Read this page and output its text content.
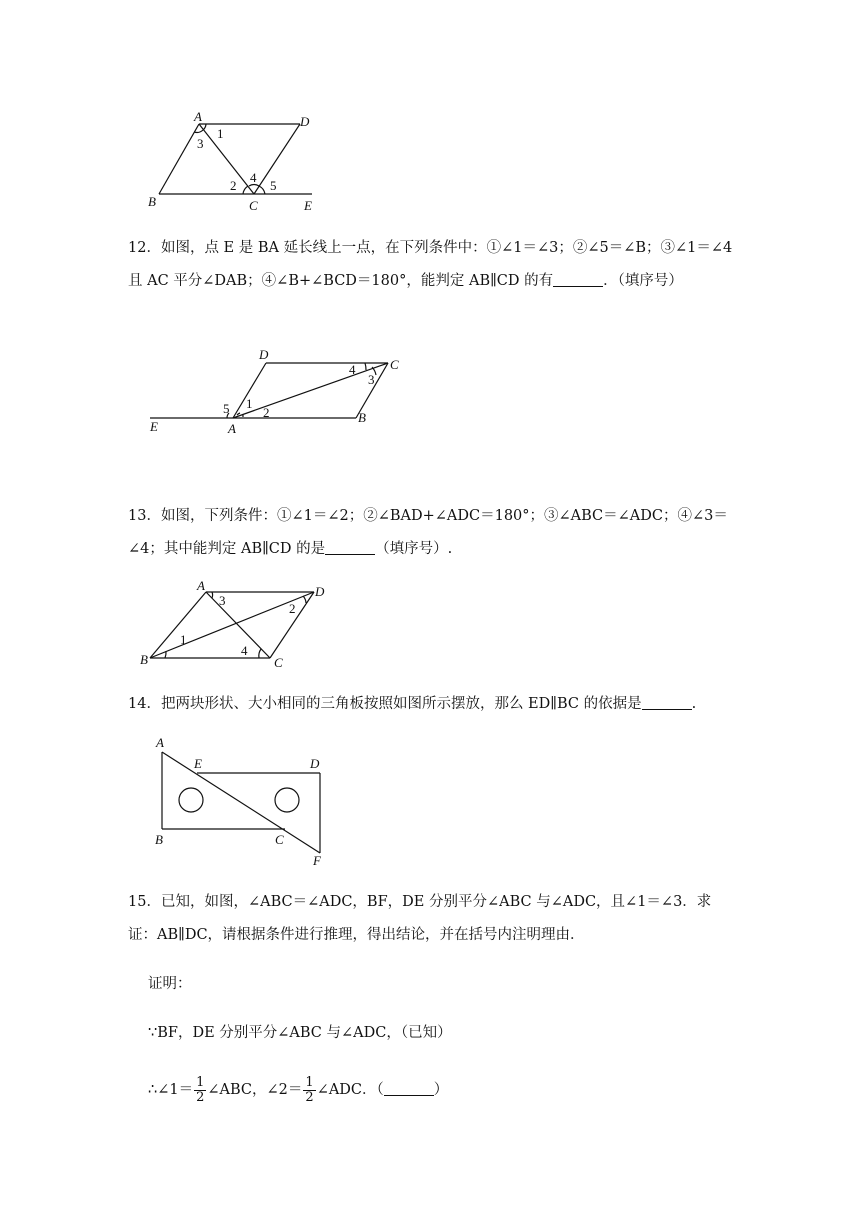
A	D
B	C	E
1
3
2
4
5

12．如图，点 E 是 BA 延长线上一点，在下列条件中：①∠1＝∠3；②∠5＝∠B；③∠1＝∠4 且 AC 平分∠DAB；④∠B+∠BCD＝180°，能判定 AB∥CD 的有	．（填序号）

D
C
E	A
B
1
2
3
4
5

13．如图，下列条件：①∠1＝∠2；②∠BAD+∠ADC＝180°；③∠ABC＝∠ADC；④∠3＝∠4；其中能判定 AB∥CD 的是	（填序号）.

A	D
B	C
1
2
3
4

14．把两块形状、大小相同的三角板按照如图所示摆放，那么 ED∥BC 的依据是	.

A
E	D
B	C
F

15．已知，如图，∠ABC＝∠ADC，BF，DE 分别平分∠ABC 与∠ADC，且∠1＝∠3．求证：AB∥DC，请根据条件进行推理，得出结论，并在括号内注明理由．

证明：
∵BF，DE 分别平分∠ABC 与∠ADC，（已知）
∴∠1＝ $\frac{1}{2}$ ∠ABC，∠2＝ $\frac{1}{2}$ ∠ADC．（	）
